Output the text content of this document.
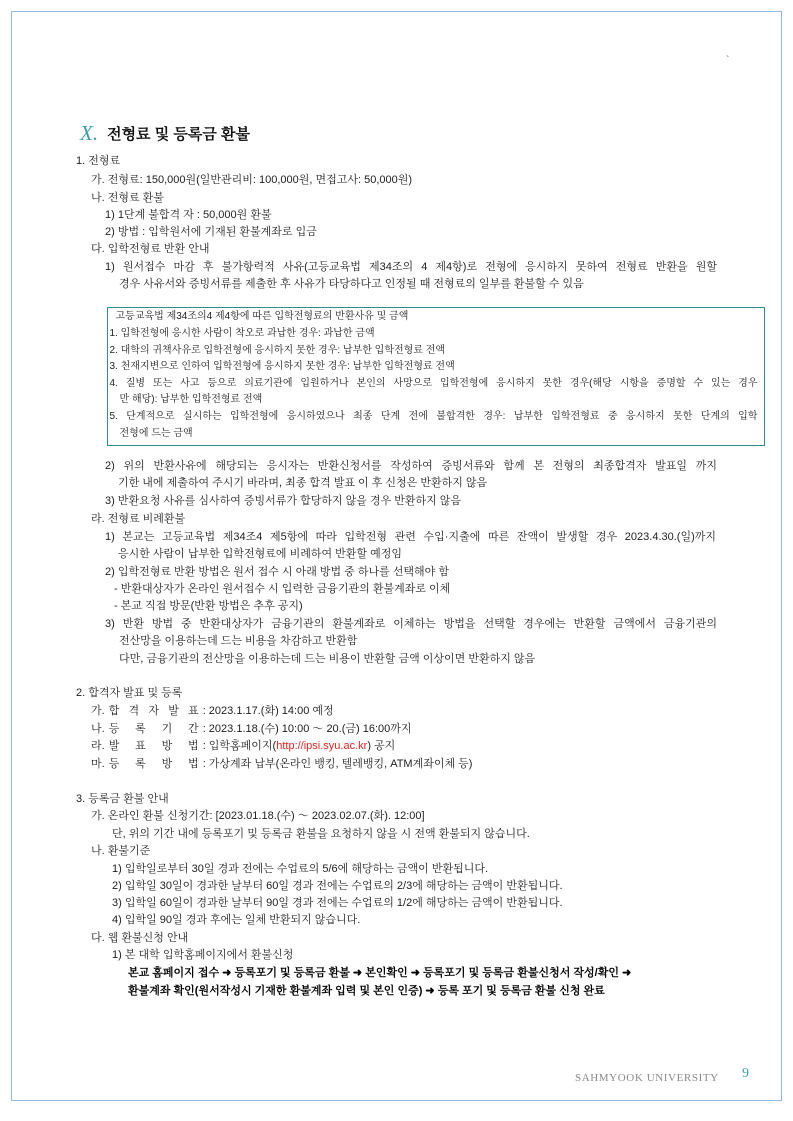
`
X. 전형료 및 등록금 환불
1. 전형료
가. 전형료: 150,000원(일반관리비: 100,000원, 면접고사: 50,000원)
나. 전형료 환불
1) 1단계 불합격 자 : 50,000원 환불
2) 방법 : 입학원서에 기재된 환불계좌로 입금
다. 입학전형료 반환 안내
1) 원서접수 마감 후 불가항력적 사유(고등교육법 제34조의 4 제4항)로 전형에 응시하지 못하여 전형료 반환을 원할
경우 사유서와 증빙서류를 제출한 후 사유가 타당하다고 인정될 때 전형료의 일부를 환불할 수 있음
고등교육법 제34조의4 제4항에 따른 입학전형료의 반환사유 및 금액
1. 입학전형에 응시한 사람이 착오로 과납한 경우: 과납한 금액
2. 대학의 귀책사유로 입학전형에 응시하지 못한 경우: 납부한 입학전형료 전액
3. 천재지변으로 인하여 입학전형에 응시하지 못한 경우: 납부한 입학전형료 전액
4. 질병 또는 사고 등으로 의료기관에 입원하거나 본인의 사망으로 입학전형에 응시하지 못한 경우(해당 시항을 증명할 수 있는 경우
만 해당): 납부한 입학전형료 전액
5. 단계적으로 실시하는 입학전형에 응시하였으나 최종 단계 전에 불합격한 경우: 납부한 입학전형료 중 응시하지 못한 단계의 입학
전형에 드는 금액
2) 위의 반환사유에 해당되는 응시자는 반환신청서를 작성하여 증빙서류와 함께 본 전형의 최종합격자 발표일 까지
기한 내에 제출하여 주시기 바라며, 최종 합격 발표 이 후 신청은 반환하지 않음
3) 반환요청 사유를 심사하여 증빙서류가 합당하지 않을 경우 반환하지 않음
라. 전형료 비례환불
1) 본교는 고등교육법 제34조4 제5항에 따라 입학전형 관련 수입·지출에 따른 잔액이 발생할 경우 2023.4.30.(일)까지
응시한 사람이 납부한 입학전형료에 비례하여 반환할 예정임
2) 입학전형료 반환 방법은 원서 접수 시 아래 방법 중 하나를 선택해야 함
- 반환대상자가 온라인 원서접수 시 입력한 금융기관의 환불계좌로 이체
- 본교 직접 방문(반환 방법은 추후 공지)
3) 반환 방법 중 반환대상자가 금융기관의 환불계좌로 이체하는 방법을 선택할 경우에는 반환할 금액에서 금융기관의
전산망을 이용하는데 드는 비용을 차감하고 반환함
다만, 금융기관의 전산망을 이용하는데 드는 비용이 반환할 금액 이상이면 반환하지 않음
2. 합격자 발표 및 등록
가. 합 격 자 발 표 : 2023.1.17.(화) 14:00 예정
나. 등 록 기 간 : 2023.1.18.(수) 10:00 ～ 20.(금) 16:00까지
라. 발 표 방 법 : 입학홈페이지(http://ipsi.syu.ac.kr) 공지
마. 등 록 방 법 : 가상계좌 납부(온라인 뱅킹, 텔레뱅킹, ATM계좌이체 등)
3. 등록금 환불 안내
가. 온라인 환불 신청기간: [2023.01.18.(수) ～ 2023.02.07.(화). 12:00]
단, 위의 기간 내에 등록포기 및 등록금 환불을 요청하지 않을 시 전액 환불되지 않습니다.
나. 환불기준
1) 입학일로부터 30일 경과 전에는 수업료의 5/6에 해당하는 금액이 반환됩니다.
2) 입학일 30일이 경과한 날부터 60일 경과 전에는 수업료의 2/3에 해당하는 금액이 반환됩니다.
3) 입학일 60일이 경과한 날부터 90일 경과 전에는 수업료의 1/2에 해당하는 금액이 반환됩니다.
4) 입학일 90일 경과 후에는 일체 반환되지 않습니다.
다. 웹 환불신청 안내
1) 본 대학 입학홈페이지에서 환불신청
본교 홈페이지 접수 ➜ 등록포기 및 등록금 환불 ➜ 본인확인 ➜ 등록포기 및 등록금 환불신청서 작성/확인 ➜
환불계좌 확인(원서작성시 기재한 환불계좌 입력 및 본인 인증) ➜ 등록 포기 및 등록금 환불 신청 완료
SAHMYOOK UNIVERSITY 9
